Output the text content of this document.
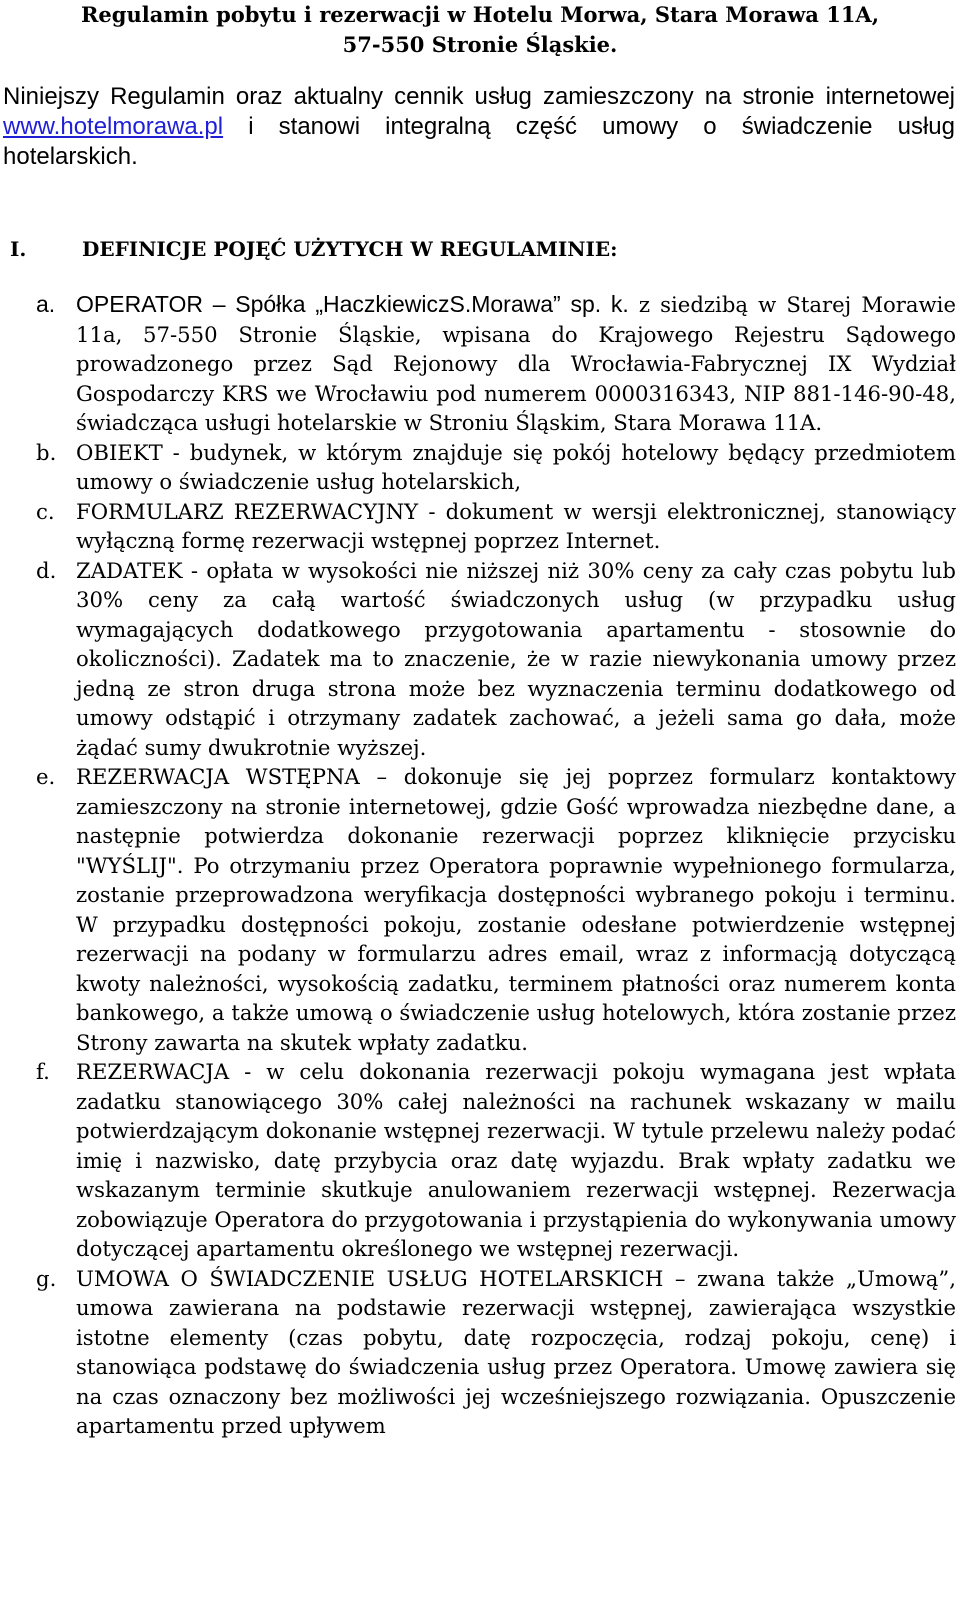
Regulamin pobytu i rezerwacji w Hotelu Morwa, Stara Morawa 11A,
57-550 Stronie Śląskie.

Niniejszy Regulamin oraz aktualny cennik usług zamieszczony na stronie internetowej www.hotelmorawa.pl i stanowi integralną część umowy o świadczenie usług hotelarskich.

I.	DEFINICJE POJĘĆ UŻYTYCH W REGULAMINIE:
a. OPERATOR – Spółka „HaczkiewiczS.Morawa” sp. k. z siedzibą w Starej Morawie 11a, 57-550 Stronie Śląskie, wpisana do Krajowego Rejestru Sądowego prowadzonego przez Sąd Rejonowy dla Wrocławia-Fabrycznej IX Wydział Gospodarczy KRS we Wrocławiu pod numerem 0000316343, NIP 881-146-90-48, świadcząca usługi hotelarskie w Stroniu Śląskim, Stara Morawa 11A.
b. OBIEKT - budynek, w którym znajduje się pokój hotelowy będący przedmiotem umowy o świadczenie usług hotelarskich,
c. FORMULARZ REZERWACYJNY - dokument w wersji elektronicznej, stanowiący wyłączną formę rezerwacji wstępnej poprzez Internet.
d. ZADATEK - opłata w wysokości nie niższej niż 30% ceny za cały czas pobytu lub 30% ceny za całą wartość świadczonych usług (w przypadku usług wymagających dodatkowego przygotowania apartamentu - stosownie do okoliczności). Zadatek ma to znaczenie, że w razie niewykonania umowy przez jedną ze stron druga strona może bez wyznaczenia terminu dodatkowego od umowy odstąpić i otrzymany zadatek zachować, a jeżeli sama go dała, może żądać sumy dwukrotnie wyższej.
e. REZERWACJA WSTĘPNA – dokonuje się jej poprzez formularz kontaktowy zamieszczony na stronie internetowej, gdzie Gość wprowadza niezbędne dane, a następnie potwierdza dokonanie rezerwacji poprzez kliknięcie przycisku "WYŚLIJ". Po otrzymaniu przez Operatora poprawnie wypełnionego formularza, zostanie przeprowadzona weryfikacja dostępności wybranego pokoju i terminu. W przypadku dostępności pokoju, zostanie odesłane potwierdzenie wstępnej rezerwacji na podany w formularzu adres email, wraz z informacją dotyczącą kwoty należności, wysokością zadatku, terminem płatności oraz numerem konta bankowego, a także umową o świadczenie usług hotelowych, która zostanie przez Strony zawarta na skutek wpłaty zadatku.
f. REZERWACJA - w celu dokonania rezerwacji pokoju wymagana jest wpłata zadatku stanowiącego 30% całej należności na rachunek wskazany w mailu potwierdzającym dokonanie wstępnej rezerwacji. W tytule przelewu należy podać imię i nazwisko, datę przybycia oraz datę wyjazdu. Brak wpłaty zadatku we wskazanym terminie skutkuje anulowaniem rezerwacji wstępnej. Rezerwacja zobowiązuje Operatora do przygotowania i przystąpienia do wykonywania umowy dotyczącej apartamentu określonego we wstępnej rezerwacji.
g. UMOWA O ŚWIADCZENIE USŁUG HOTELARSKICH – zwana także „Umową”, umowa zawierana na podstawie rezerwacji wstępnej, zawierająca wszystkie istotne elementy (czas pobytu, datę rozpoczęcia, rodzaj pokoju, cenę) i stanowiąca podstawę do świadczenia usług przez Operatora. Umowę zawiera się na czas oznaczony bez możliwości jej wcześniejszego rozwiązania. Opuszczenie apartamentu przed upływem
